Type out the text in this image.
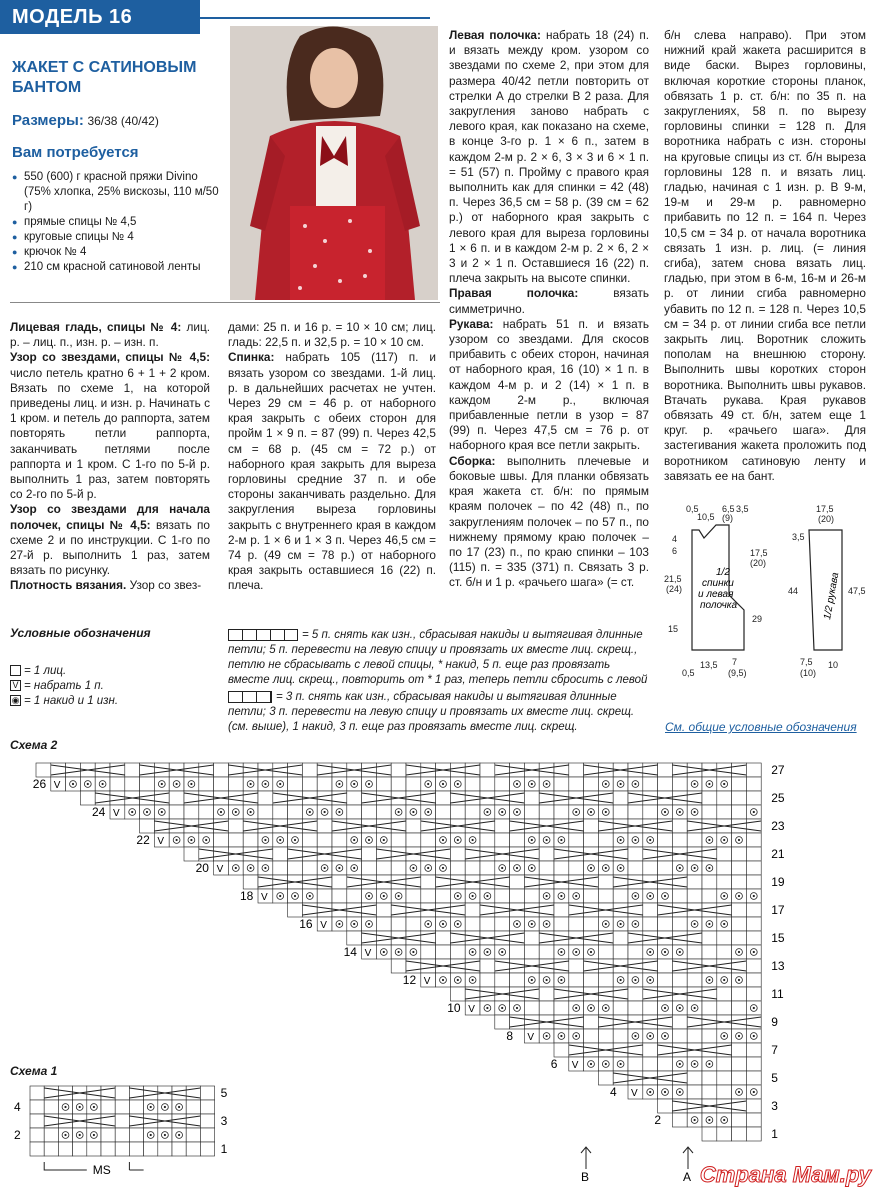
МОДЕЛЬ 16
ЖАКЕТ С САТИНОВЫМ БАНТОМ
Размеры: 36/38 (40/42)
Вам потребуется
● 550 (600) г красной пряжи Divino (75% хлопка, 25% вискозы, 110 м/50 г)
● прямые спицы № 4,5
● круговые спицы № 4
● крючок № 4
● 210 см красной сатиновой ленты
Лицевая гладь, спицы № 4: лиц. р. – лиц. п., изн. р. – изн. п.
Узор со звездами, спицы № 4,5: число петель кратно 6 + 1 + 2 кром. Вязать по схеме 1, на которой приведены лиц. и изн. р. Начинать с 1 кром. и петель до раппорта, затем повторять петли раппорта, заканчивать петлями после раппорта и 1 кром. С 1-го по 5-й р. выполнить 1 раз, затем повторять со 2-го по 5-й р.
Узор со звездами для начала полочек, спицы № 4,5: вязать по схеме 2 и по инструкции. С 1-го по 27-й р. выполнить 1 раз, затем вязать по рисунку.
Плотность вязания. Узор со звез-
дами: 25 п. и 16 р. = 10 × 10 см; лиц. гладь: 22,5 п. и 32,5 р. = 10 × 10 см.
Спинка: набрать 105 (117) п. и вязать узором со звездами. 1-й лиц. р. в дальнейших расчетах не учтен. Через 29 см = 46 р. от наборного края закрыть с обеих сторон для пройм 1 × 9 п. = 87 (99) п. Через 42,5 см = 68 р. (45 см = 72 р.) от наборного края закрыть для выреза горловины средние 37 п. и обе стороны заканчивать раздельно. Для закругления выреза горловины закрыть с внутреннего края в каждом 2-м р. 1 × 6 и 1 × 3 п. Через 46,5 см = 74 р. (49 см = 78 р.) от наборного края закрыть оставшиеся 16 (22) п. плеча.
Левая полочка: набрать 18 (24) п. и вязать между кром. узором со звездами по схеме 2, при этом для размера 40/42 петли повторить от стрелки А до стрелки В 2 раза. Для закругления заново набрать с левого края, как показано на схеме, в конце 3-го р. 1 × 6 п., затем в каждом 2-м р. 2 × 6, 3 × 3 и 6 × 1 п. = 51 (57) п. Пройму с правого края выполнить как для спинки = 42 (48) п. Через 36,5 см = 58 р. (39 см = 62 р.) от наборного края закрыть с левого края для выреза горловины 1 × 6 п. и в каждом 2-м р. 2 × 6, 2 × 3 и 2 × 1 п. Оставшиеся 16 (22) п. плеча закрыть на высоте спинки.
Правая полочка: вязать симметрично.
Рукава: набрать 51 п. и вязать узором со звездами. Для скосов прибавить с обеих сторон, начиная от наборного края, 16 (10) × 1 п. в каждом 4-м р. и 2 (14) × 1 п. в каждом 2-м р., включая прибавленные петли в узор = 87 (99) п. Через 47,5 см = 76 р. от наборного края все петли закрыть.
Сборка: выполнить плечевые и боковые швы. Для планки обвязать края жакета ст. б/н: по прямым краям полочек – по 42 (48) п., по закруглениям полочек – по 57 п., по нижнему прямому краю полочек – по 17 (23) п., по краю спинки – 103 (115) п. = 335 (371) п. Связать 3 р. ст. б/н и 1 р. «рачьего шага» (= ст.
б/н слева направо). При этом нижний край жакета расширится в виде баски. Вырез горловины, включая короткие стороны планок, обвязать 1 р. ст. б/н: по 35 п. на закруглениях, 58 п. по вырезу горловины спинки = 128 п. Для воротника набрать с изн. стороны на круговые спицы из ст. б/н выреза горловины 128 п. и вязать лиц. гладью, начиная с 1 изн. р. В 9-м, 19-м и 29-м р. равномерно прибавить по 12 п. = 164 п. Через 10,5 см = 34 р. от начала воротника связать 1 изн. р. лиц. (= линия сгиба), затем снова вязать лиц. гладью, при этом в 6-м, 16-м и 26-м р. от линии сгиба равномерно убавить по 12 п. = 128 п. Через 10,5 см = 34 р. от линии сгиба все петли закрыть лиц. Воротник сложить пополам на внешнюю сторону. Выполнить швы коротких сторон воротника. Выполнить швы рукавов. Втачать рукава. Края рукавов обвязать 49 ст. б/н, затем еще 1 круг. р. «рачьего шага». Для застегивания жакета проложить под воротником сатиновую ленту и завязать ее на бант.
0,5
10,5
6,5
(9)
3,5
4
6
21,5
(24)
15
17,5
(20)
29
13,5 7
(9,5)
0,5
17,5
(20)
3,5
44	47,5
7,5
(10)
10
1/2 спинки и левая полочка	1/2 рукава
См. общие условные обозначения
Условные обозначения
= 1 лиц.
V = набрать 1 п.
◉ = 1 накид и 1 изн.
= 5 п. снять как изн., сбрасывая накиды и вытягивая длинные петли; 5 п. перевести на левую спицу и провязать их вместе лиц. скрещ., петлю не сбрасывать с левой спицы, * накид, 5 п. еще раз провязать вместе лиц. скрещ., повторить от * 1 раз, теперь петли сбросить с левой
= 3 п. снять как изн., сбрасывая накиды и вытягивая длинные петли; 3 п. перевести на левую спицу и провязать их вместе лиц. скрещ. (см. выше), 1 накид, 3 п. еще раз провязать вместе лиц. скрещ.
Схема 2
27
V
26
25
V
24
23
V
22
21
V
20
19
V
18
17
V
16
15
V
14
13
V
12
11
V
10
9
V
8
7
V
6
5
V
4
3
2
1
B	A
Схема 1
5
4
3
2
1
MS	Страна Мам.ру
